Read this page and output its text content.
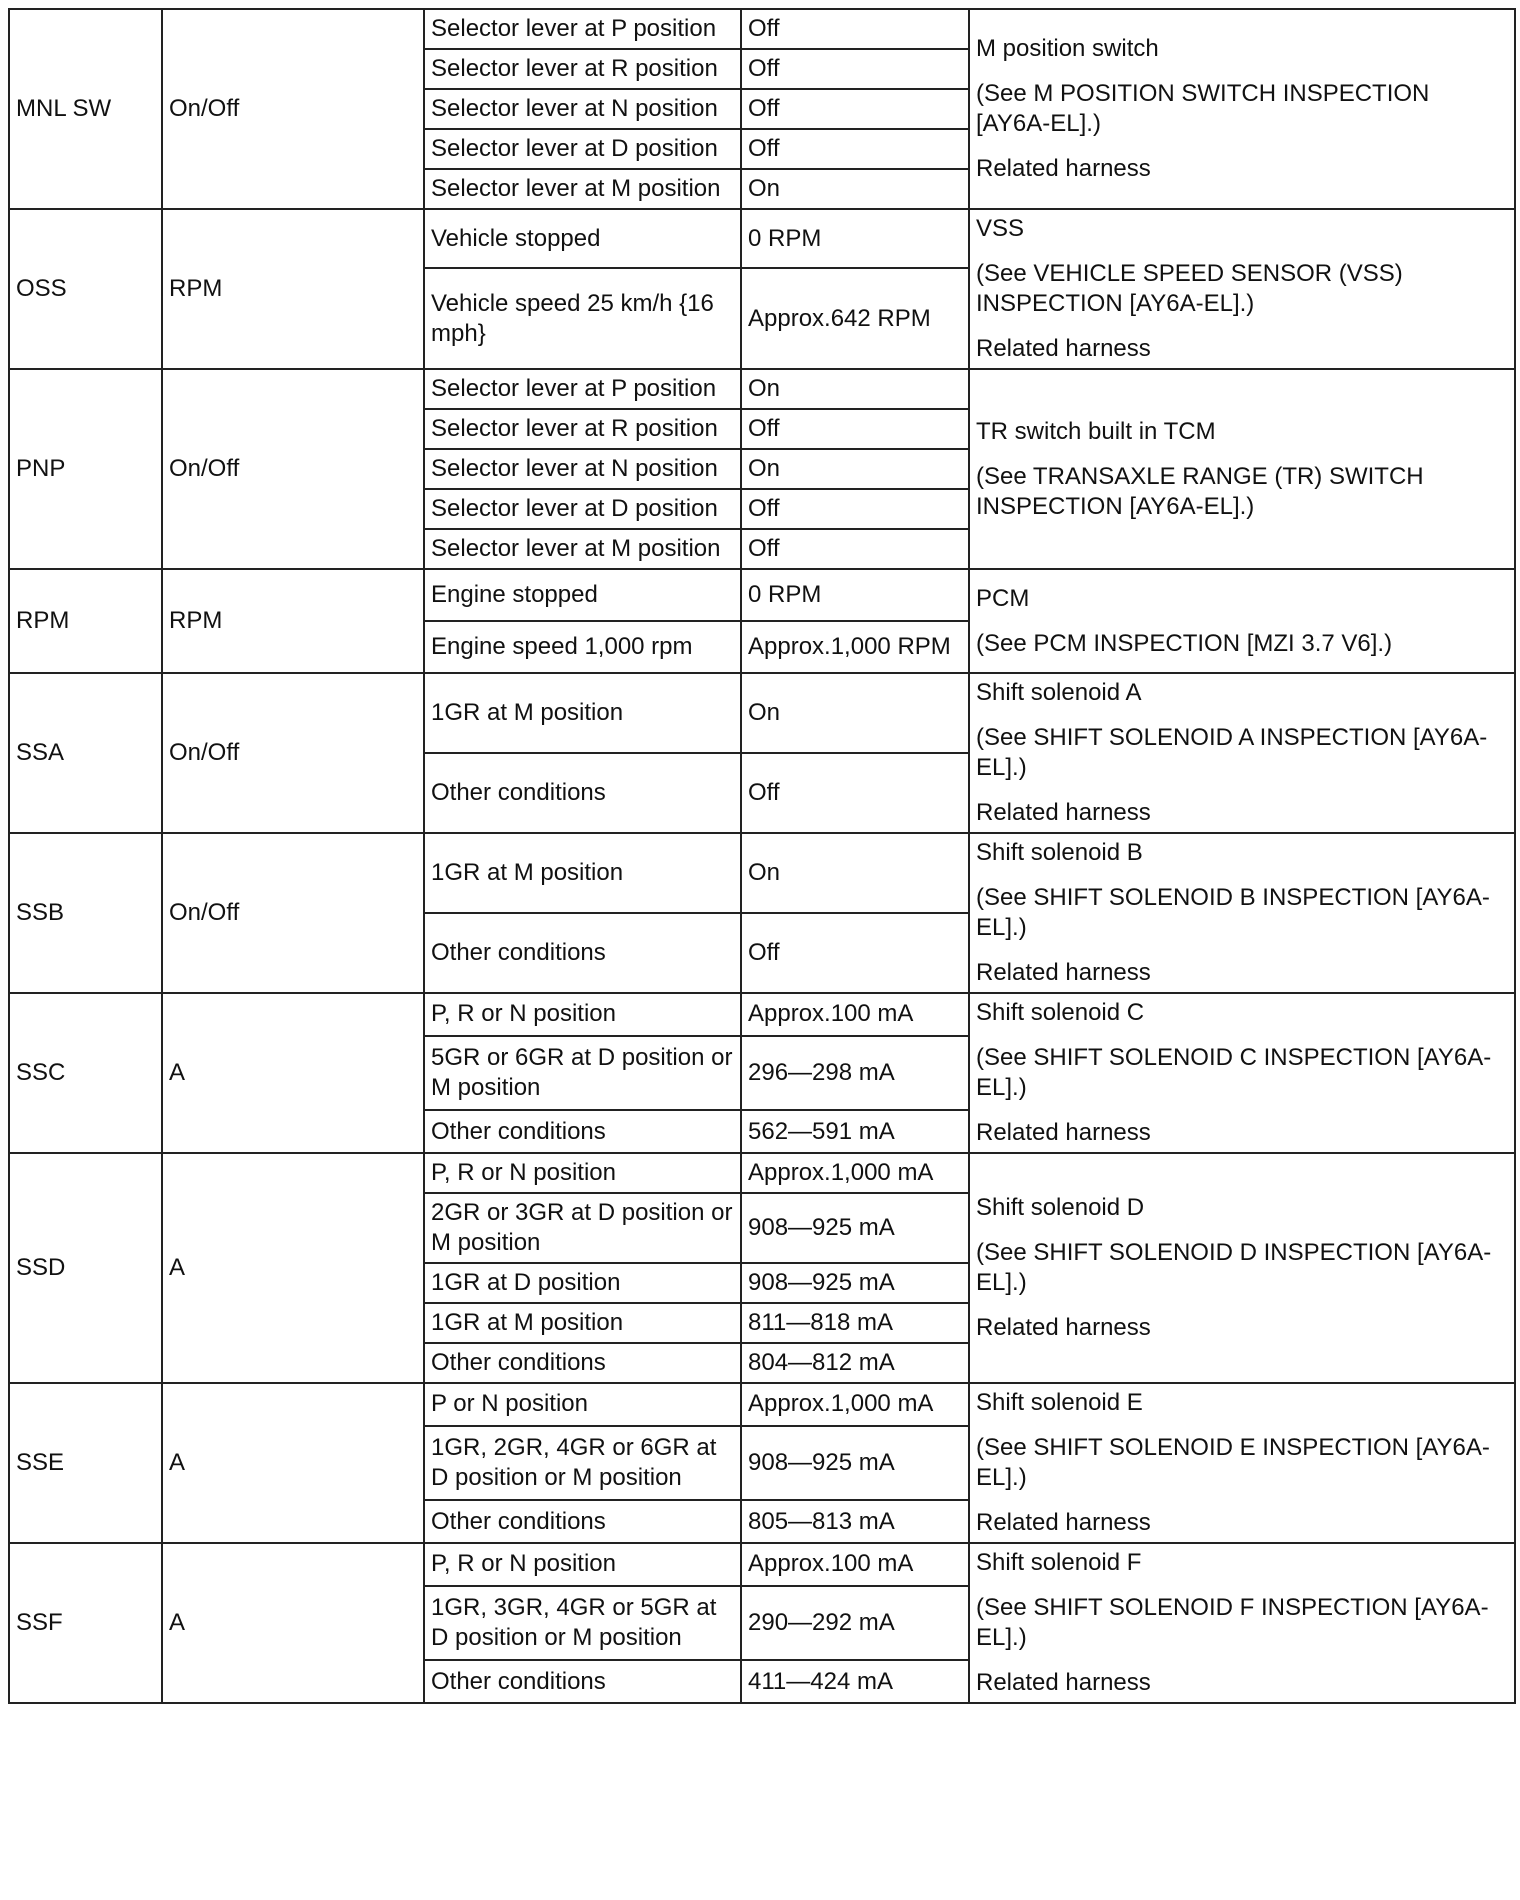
MNL SW	On/Off	Selector lever at P position	Off	M position switch
(See M POSITION SWITCH INSPECTION [AY6A-EL].)
Related harness

		Selector lever at R position	Off	
		Selector lever at N position	Off	
		Selector lever at D position	Off	
		Selector lever at M position	On	
OSS	RPM	Vehicle stopped	0 RPM	VSS
(See VEHICLE SPEED SENSOR (VSS) INSPECTION [AY6A-EL].)
Related harness

		Vehicle speed 25 km/h {16 mph}	Approx.642 RPM	
PNP	On/Off	Selector lever at P position	On	TR switch built in TCM
(See TRANSAXLE RANGE (TR) SWITCH INSPECTION [AY6A-EL].)

		Selector lever at R position	Off	
		Selector lever at N position	On	
		Selector lever at D position	Off	
		Selector lever at M position	Off	
RPM	RPM	Engine stopped	0 RPM	PCM
(See PCM INSPECTION [MZI 3.7 V6].)

		Engine speed 1,000 rpm	Approx.1,000 RPM	
SSA	On/Off	1GR at M position	On	Shift solenoid A
(See SHIFT SOLENOID A INSPECTION [AY6A-EL].)
Related harness

		Other conditions	Off	
SSB	On/Off	1GR at M position	On	Shift solenoid B
(See SHIFT SOLENOID B INSPECTION [AY6A-EL].)
Related harness

		Other conditions	Off	
SSC	A	P, R or N position	Approx.100 mA	Shift solenoid C
(See SHIFT SOLENOID C INSPECTION [AY6A-EL].)
Related harness

		5GR or 6GR at D position or M position	296—298 mA	
		Other conditions	562—591 mA	
SSD	A	P, R or N position	Approx.1,000 mA	Shift solenoid D
(See SHIFT SOLENOID D INSPECTION [AY6A-EL].)
Related harness

		2GR or 3GR at D position or M position	908—925 mA	
		1GR at D position	908—925 mA	
		1GR at M position	811—818 mA	
		Other conditions	804—812 mA	
SSE	A	P or N position	Approx.1,000 mA	Shift solenoid E
(See SHIFT SOLENOID E INSPECTION [AY6A-EL].)
Related harness

		1GR, 2GR, 4GR or 6GR at D position or M position	908—925 mA	
		Other conditions	805—813 mA	
SSF	A	P, R or N position	Approx.100 mA	Shift solenoid F
(See SHIFT SOLENOID F INSPECTION [AY6A-EL].)
Related harness

		1GR, 3GR, 4GR or 5GR at D position or M position	290—292 mA	
		Other conditions	411—424 mA	
